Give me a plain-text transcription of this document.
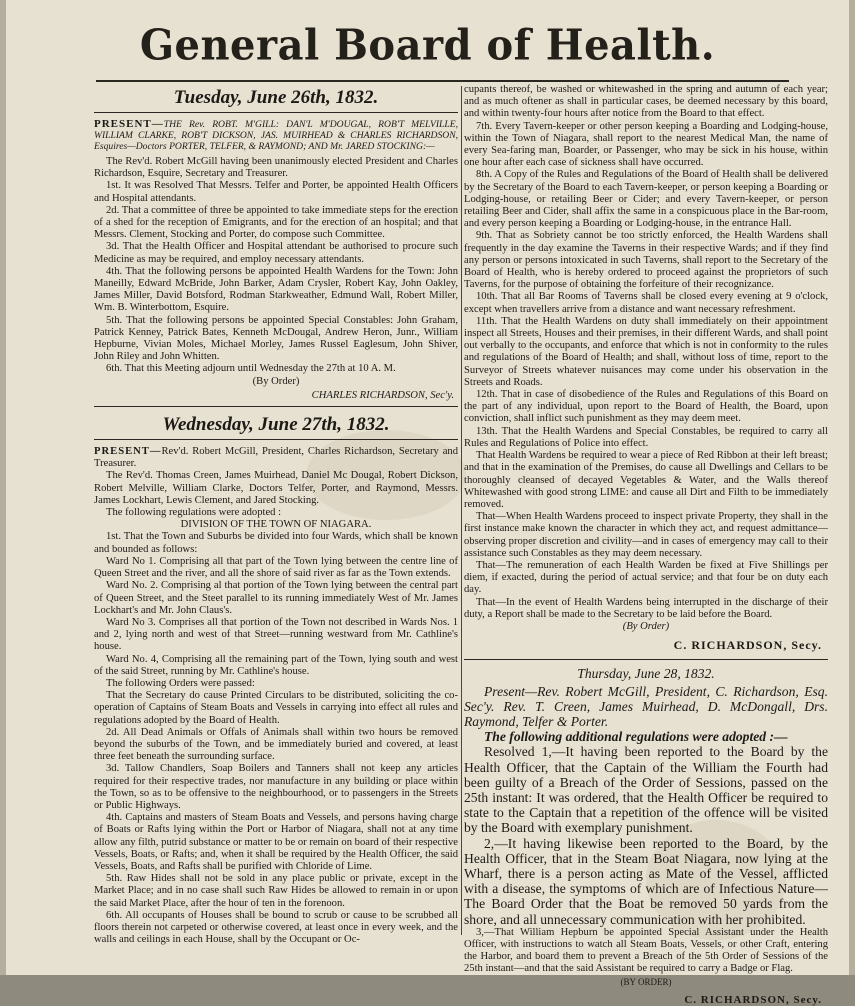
General Board of Health.
Tuesday, June 26th, 1832.
PRESENT—THE Rev. ROBT. M'GILL: DAN'L M'DOUGAL, ROB'T MELVILLE, WILLIAM CLARKE, ROB'T DICKSON, JAS. MUIRHEAD & CHARLES RICHARDSON, Esquires—Doctors PORTER, TELFER, & RAYMOND; AND Mr. JARED STOCKING:—

The Rev'd. Robert McGill having been unanimously elected President and Charles Richardson, Esquire, Secretary and Treasurer.

1st. It was Resolved That Messrs. Telfer and Porter, be appointed Health Officers and Hospital attendants.

2d. That a committee of three be appointed to take immediate steps for the erection of a shed for the reception of Emigrants, and for the erection of an hospital; and that Messrs. Clement, Stocking and Porter, do compose such Committee.

3d. That the Health Officer and Hospital attendant be authorised to procure such Medicine as may be required, and employ necessary attendants.

4th. That the following persons be appointed Health Wardens for the Town: John Maneilly, Edward McBride, John Barker, Adam Crysler, Robert Kay, John Oakley, James Miller, David Botsford, Rodman Starkweather, Edmund Wall, Robert Miller, Wm. B. Winterbottom, Esquire.

5th. That the following persons be appointed Special Constables: John Graham, Patrick Kenney, Patrick Bates, Kenneth McDougal, Andrew Heron, Junr., William Hepburne, Vivian Moles, Michael Morley, James Russel Eaglesum, John Shiver, John Riley and John Whitten.

6th. That this Meeting adjourn until Wednesday the 27th at 10 A. M.

(By Order)
CHARLES RICHARDSON, Sec'y.
Wednesday, June 27th, 1832.

PRESENT—Rev'd. Robert McGill, President, Charles Richardson, Secretary and Treasurer.

The Rev'd. Thomas Creen, James Muirhead, Daniel Mc Dougal, Robert Dickson, Robert Melville, William Clarke, Doctors Telfer, Porter, and Raymond, Messrs. James Lockhart, Lewis Clement, and Jared Stocking.

The following regulations were adopted :

DIVISION OF THE TOWN OF NIAGARA.

1st. That the Town and Suburbs be divided into four Wards, which shall be known and bounded as follows:

Ward No 1. Comprising all that part of the Town lying between the centre line of Queen Street and the river, and all the shore of said river as far as the Town extends.

Ward No. 2. Comprising al that portion of the Town lying between the central part of Queen Street, and the Steet parallel to its running immediately West of Mr. James Lockhart's and Mr. John Claus's.

Ward No 3. Comprises all that portion of the Town not described in Wards Nos. 1 and 2, lying north and west of that Street—running westward from Mr. Cathline's house.

Ward No. 4, Comprising all the remaining part of the Town, lying south and west of the said Street, running by Mr. Cathline's house.

The following Orders were passed:

That the Secretary do cause Printed Circulars to be distributed, soliciting the co-operation of Captains of Steam Boats and Vessels in carrying into effect all rules and regulations adopted by the Board of Health.

2d. All Dead Animals or Offals of Animals shall within two hours be removed beyond the suburbs of the Town, and be immediately buried and covered, at least three feet beneath the surrounding surface.

3d. Tallow Chandlers, Soap Boilers and Tanners shall not keep any articles required for their respective trades, nor manufacture in any building or place within the Town, so as to be offensive to the neighbourhood, or to passengers in the Streets or Public Highways.

4th. Captains and masters of Steam Boats and Vessels, and persons having charge of Boats or Rafts lying within the Port or Harbor of Niagara, shall not at any time allow any filth, putrid substance or matter to be or remain on board of their respective Vessels, Boats, or Rafts; and, when it shall be required by the Health Officer, the said Vessels, Boats, and Rafts shall be purified with Chloride of Lime.

5th. Raw Hides shall not be sold in any place public or private, except in the Market Place; and in no case shall such Raw Hides be allowed to remain in or upon the said Market Place, after the hour of ten in the forenoon.

6th. All occupants of Houses shall be bound to scrub or cause to be scrubbed all floors therein not carpeted or otherwise covered, at least once in every week, and the walls and ceilings in each House, shall by the Occupant or Oc-

cupants thereof, be washed or whitewashed in the spring and autumn of each year; and as much oftener as shall in particular cases, be deemed necessary by this board, and within twenty-four hours after notice from the Board to that effect.

7th. Every Tavern-keeper or other person keeping a Boarding and Lodging-house, within the Town of Niagara, shall report to the nearest Medical Man, the name of every Sea-faring man, Boarder, or Passenger, who may be sick in his house, within one hour after each case of sickness shall have occurred.

8th. A Copy of the Rules and Regulations of the Board of Health shall be delivered by the Secretary of the Board to each Tavern-keeper, or person keeping a Boarding or Lodging-house, or retailing Beer or Cider; and every Tavern-keeper, or person retailing Beer and Cider, shall affix the same in a conspicuous place in the Bar-room, and every person keeping a Boarding or Lodging-house, in the entrance Hall.

9th. That as Sobriety cannot be too strictly enforced, the Health Wardens shall frequently in the day examine the Taverns in their respective Wards; and if they find any person or persons intoxicated in such Taverns, shall report to the Secretary of the Board of Health, who is hereby ordered to proceed against the proprietors of such Taverns, for the purpose of obtaining the forfeiture of their recognizance.

10th. That all Bar Rooms of Taverns shall be closed every evening at 9 o'clock, except when travellers arrive from a distance and want necessary refreshment.

11th. That the Health Wardens on duty shall immediately on their appointment inspect all Streets, Houses and their premises, in their different Wards, and shall point out verbally to the occupants, and enforce that which is not in conformity to the rules and regulations of the Board of Health; and shall, without loss of time, report to the Surveyor of Streets whatever nuisances may come under his observation in the Streets and Roads.

12th. That in case of disobedience of the Rules and Regulations of this Board on the part of any individual, upon report to the Board of Health, the Board, upon conviction, shall inflict such punishment as they may deem meet.

13th. That the Health Wardens and Special Constables, be required to carry all Rules and Regulations of Police into effect.

That Health Wardens be required to wear a piece of Red Ribbon at their left breast; and that in the examination of the Premises, do cause all Dwellings and Cellars to be thoroughly cleansed of decayed Vegetables & Water, and the Walls thereof Whitewashed with good strong LIME: and cause all Dirt and Filth to be immediately removed.

That—When Health Wardens proceed to inspect private Property, they shall in the first instance make known the character in which they act, and request admittance—observing proper discretion and civility—and in cases of emergency may call to their assistance such Constables as they may deem necessary.

That—The remuneration of each Health Warden be fixed at Five Shillings per diem, if exacted, during the period of actual service; and that four be on duty each day.

That—In the event of Health Wardens being interrupted in the discharge of their duty, a Report shall be made to the Secretary to be laid before the Board.

(By Order)
C. RICHARDSON, Secy.

Thursday, June 28, 1832.

Present—Rev. Robert McGill, President, C. Richardson, Esq. Sec'y. Rev. T. Creen, James Muirhead, D. McDongall, Drs. Raymond, Telfer & Porter.

The following additional regulations were adopted :—

Resolved 1,—It having been reported to the Board by the Health Officer, that the Captain of the William the Fourth had been guilty of a Breach of the Order of Sessions, passed on the 25th instant: It was ordered, that the Health Officer be required to state to the Captain that a repetition of the offence will be visited by the Board with exemplary punishment.

2,—It having likewise been reported to the Board, by the Health Officer, that in the Steam Boat Niagara, now lying at the Wharf, there is a person acting as Mate of the Vessel, afflicted with a disease, the symptoms of which are of Infectious Nature—The Board Order that the Boat be removed 50 yards from the shore, and all unnecessary communication with her prohibited.

3,—That William Hepburn be appointed Special Assistant under the Health Officer, with instructions to watch all Steam Boats, Vessels, or other Craft, entering the Harbor, and board them to prevent a Breach of the 5th Order of Sessions of the 25th instant—and that the said Assistant be required to carry a Badge or Flag.

(BY ORDER)
C. RICHARDSON, Secy.
